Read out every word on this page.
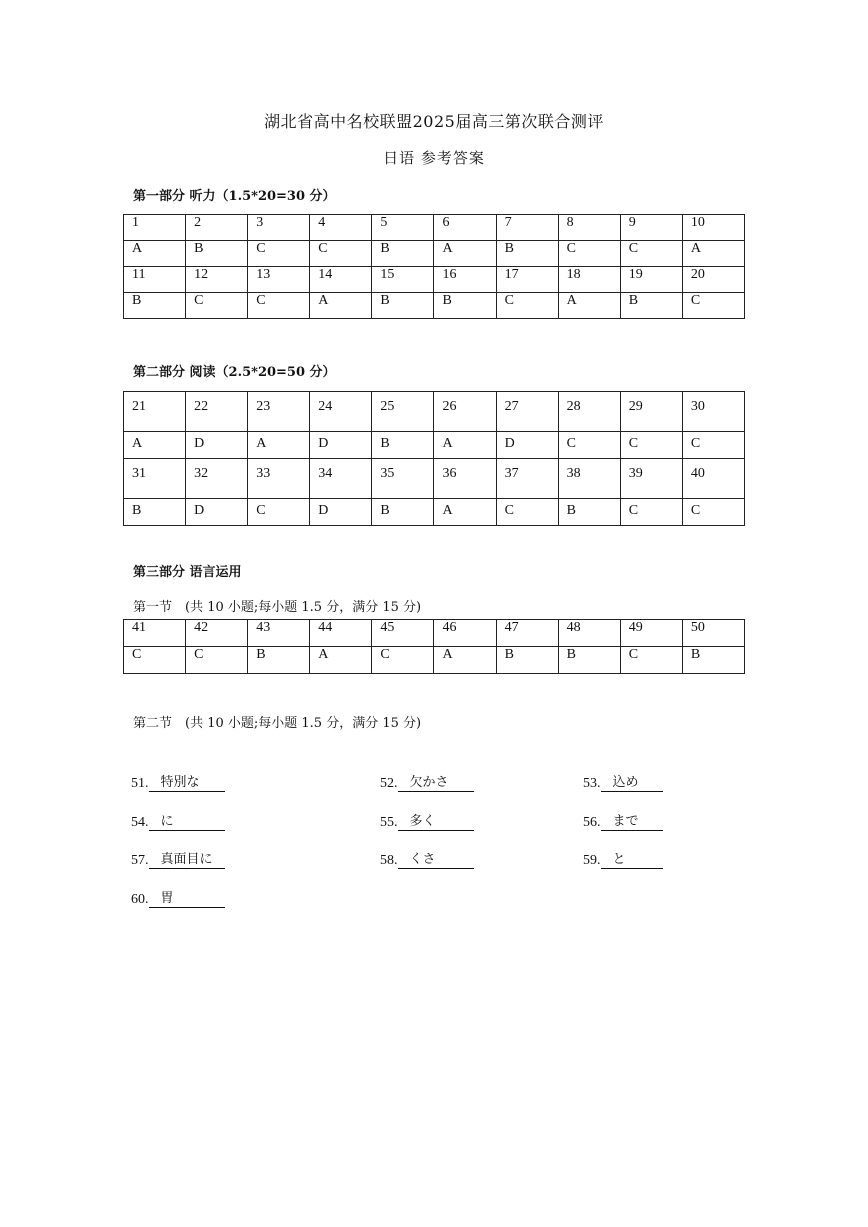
湖北省高中名校联盟2025届高三第次联合测评
日语 参考答案
第一部分 听力（1.5*20=30 分）
1	2	3	4	5	6	7	8	9	10
A	B	C	C	B	A	B	C	C	A
11	12	13	14	15	16	17	18	19	20
B	C	C	A	B	B	C	A	B	C
第二部分 阅读（2.5*20=50 分）
21	22	23	24	25	26	27	28	29	30
A	D	A	D	B	A	D	C	C	C
31	32	33	34	35	36	37	38	39	40
B	D	C	D	B	A	C	B	C	C
第三部分 语言运用
第一节　(共 10 小题;每小题 1.5 分，满分 15 分)
41	42	43	44	45	46	47	48	49	50
C	C	B	A	C	A	B	B	C	B
第二节　(共 10 小题;每小题 1.5 分，满分 15 分)
51. 特別な	52. 欠かさ	53. 込め
54. に	55. 多く	56. まで
57. 真面目に	58. くさ	59. と
60. 胃
